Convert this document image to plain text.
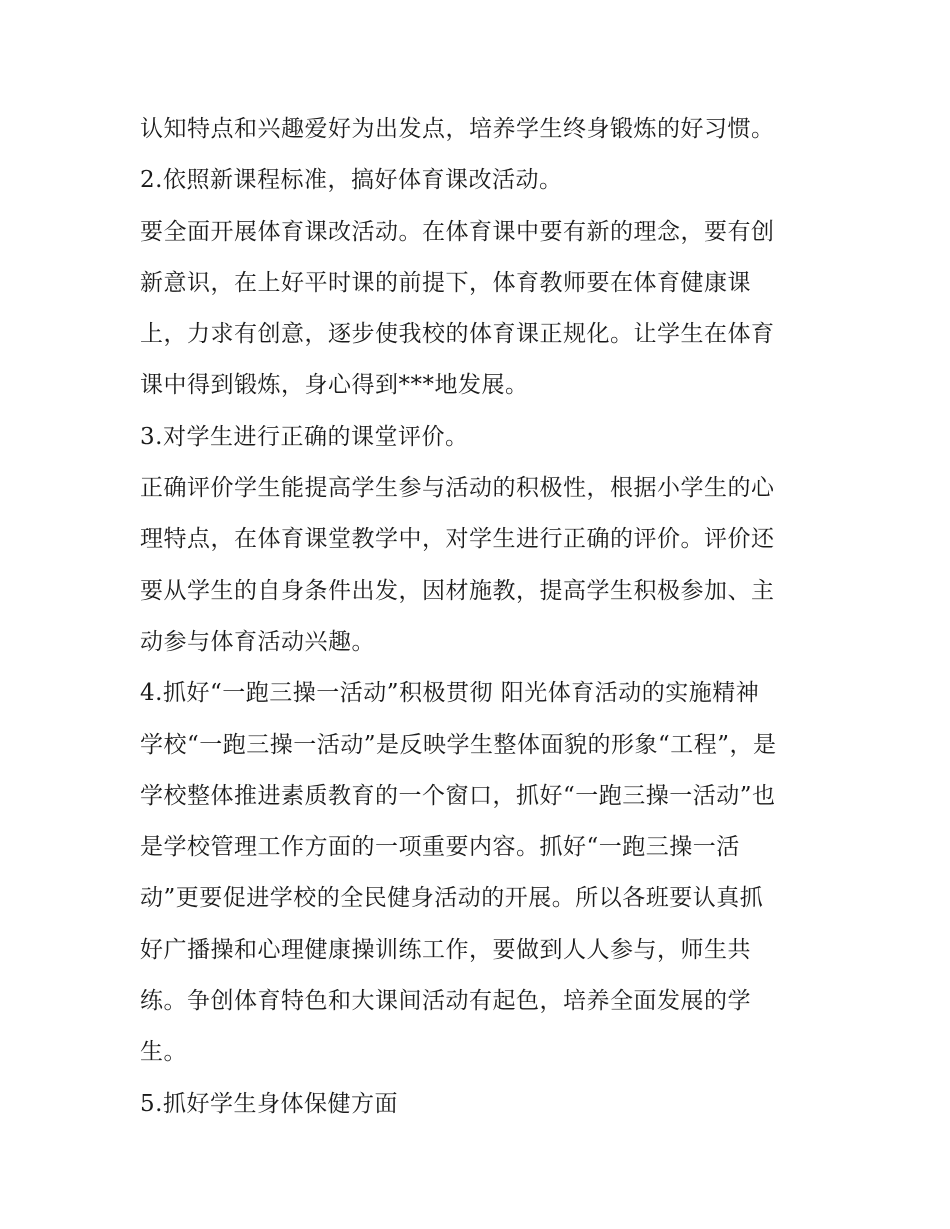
认知特点和兴趣爱好为出发点，培养学生终身锻炼的好习惯。
2.依照新课程标准，搞好体育课改活动。
要全面开展体育课改活动。在体育课中要有新的理念，要有创
新意识，在上好平时课的前提下，体育教师要在体育健康课
上，力求有创意，逐步使我校的体育课正规化。让学生在体育
课中得到锻炼，身心得到***地发展。
3.对学生进行正确的课堂评价。
正确评价学生能提高学生参与活动的积极性，根据小学生的心
理特点，在体育课堂教学中，对学生进行正确的评价。评价还
要从学生的自身条件出发，因材施教，提高学生积极参加、主
动参与体育活动兴趣。
4.抓好“一跑三操一活动”积极贯彻 阳光体育活动的实施精神
学校“一跑三操一活动”是反映学生整体面貌的形象“工程”，是
学校整体推进素质教育的一个窗口，抓好“一跑三操一活动”也
是学校管理工作方面的一项重要内容。抓好“一跑三操一活
动”更要促进学校的全民健身活动的开展。所以各班要认真抓
好广播操和心理健康操训练工作，要做到人人参与，师生共
练。争创体育特色和大课间活动有起色，培养全面发展的学
生。
5.抓好学生身体保健方面
